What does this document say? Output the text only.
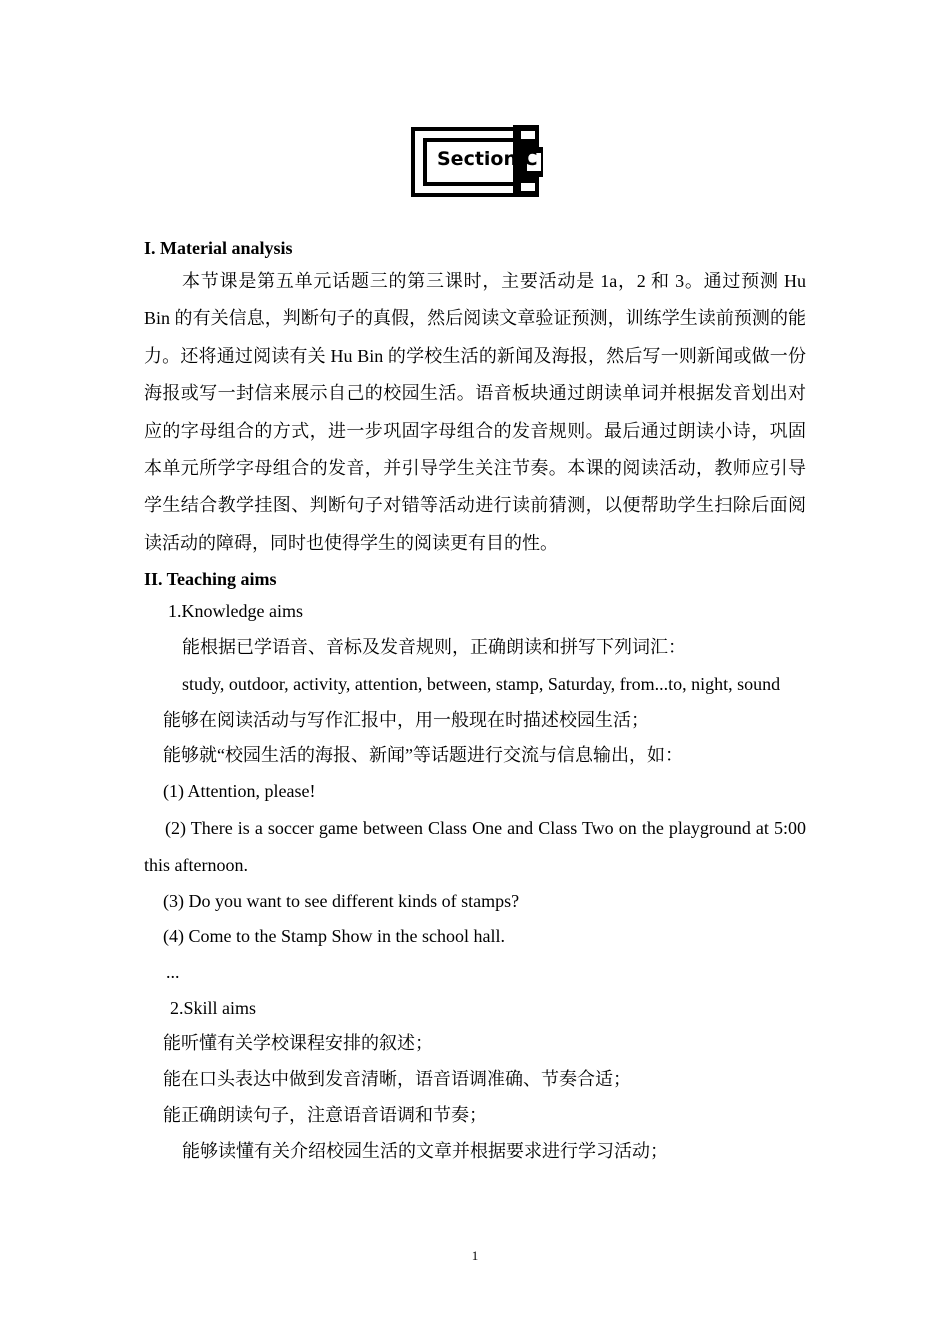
Section C
I. Material analysis

本节课是第五单元话题三的第三课时，主要活动是 1a，2 和 3。通过预测 Hu Bin 的有关信息，判断句子的真假，然后阅读文章验证预测，训练学生读前预测的能力。还将通过阅读有关 Hu Bin 的学校生活的新闻及海报，然后写一则新闻或做一份海报或写一封信来展示自己的校园生活。语音板块通过朗读单词并根据发音划出对应的字母组合的方式，进一步巩固字母组合的发音规则。最后通过朗读小诗，巩固本单元所学字母组合的发音，并引导学生关注节奏。本课的阅读活动，教师应引导学生结合教学挂图、判断句子对错等活动进行读前猜测，以便帮助学生扫除后面阅读活动的障碍，同时也使得学生的阅读更有目的性。

II. Teaching aims

1.Knowledge aims

能根据已学语音、音标及发音规则，正确朗读和拼写下列词汇：

study, outdoor, activity, attention, between, stamp, Saturday, from...to, night, sound

能够在阅读活动与写作汇报中，用一般现在时描述校园生活；

能够就“校园生活的海报、新闻”等话题进行交流与信息输出，如：

(1) Attention, please!

(2) There is a soccer game between Class One and Class Two on the playground at 5:00 this afternoon.

(3) Do you want to see different kinds of stamps?

(4) Come to the Stamp Show in the school hall.

...

2.Skill aims

能听懂有关学校课程安排的叙述；

能在口头表达中做到发音清晰，语音语调准确、节奏合适；

能正确朗读句子，注意语音语调和节奏；

能够读懂有关介绍校园生活的文章并根据要求进行学习活动；

1
